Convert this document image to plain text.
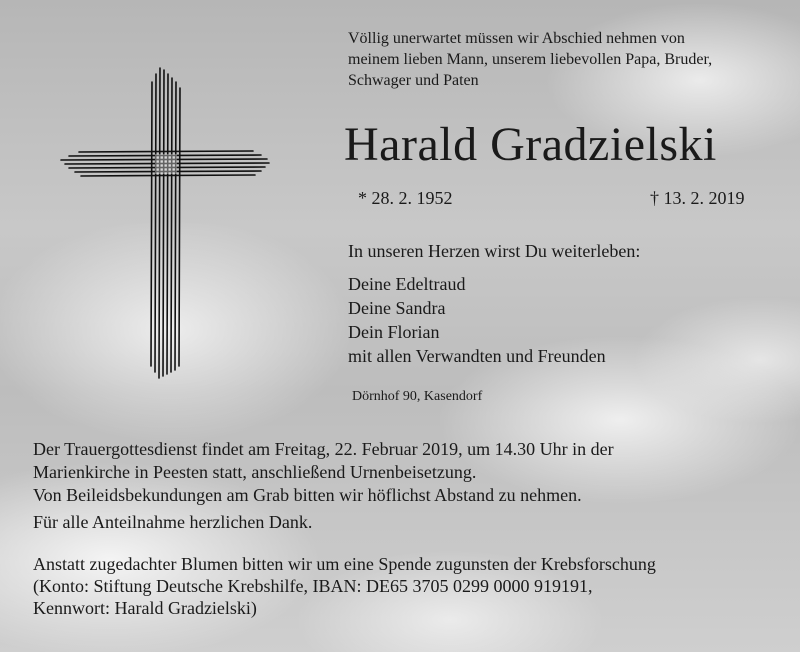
Völlig unerwartet müssen wir Abschied nehmen von
meinem lieben Mann, unserem liebevollen Papa, Bruder,
Schwager und Paten
Harald Gradzielski
* 28. 2. 1952	† 13. 2. 2019
In unseren Herzen wirst Du weiterleben:
Deine Edeltraud
Deine Sandra
Dein Florian
mit allen Verwandten und Freunden
Dörnhof 90, Kasendorf
Der Trauergottesdienst findet am Freitag, 22. Februar 2019, um 14.30 Uhr in der
Marienkirche in Peesten statt, anschließend Urnenbeisetzung.
Von Beileidsbekundungen am Grab bitten wir höflichst Abstand zu nehmen.
Für alle Anteilnahme herzlichen Dank.
Anstatt zugedachter Blumen bitten wir um eine Spende zugunsten der Krebsforschung
(Konto: Stiftung Deutsche Krebshilfe, IBAN: DE65 3705 0299 0000 919191,
Kennwort: Harald Gradzielski)
